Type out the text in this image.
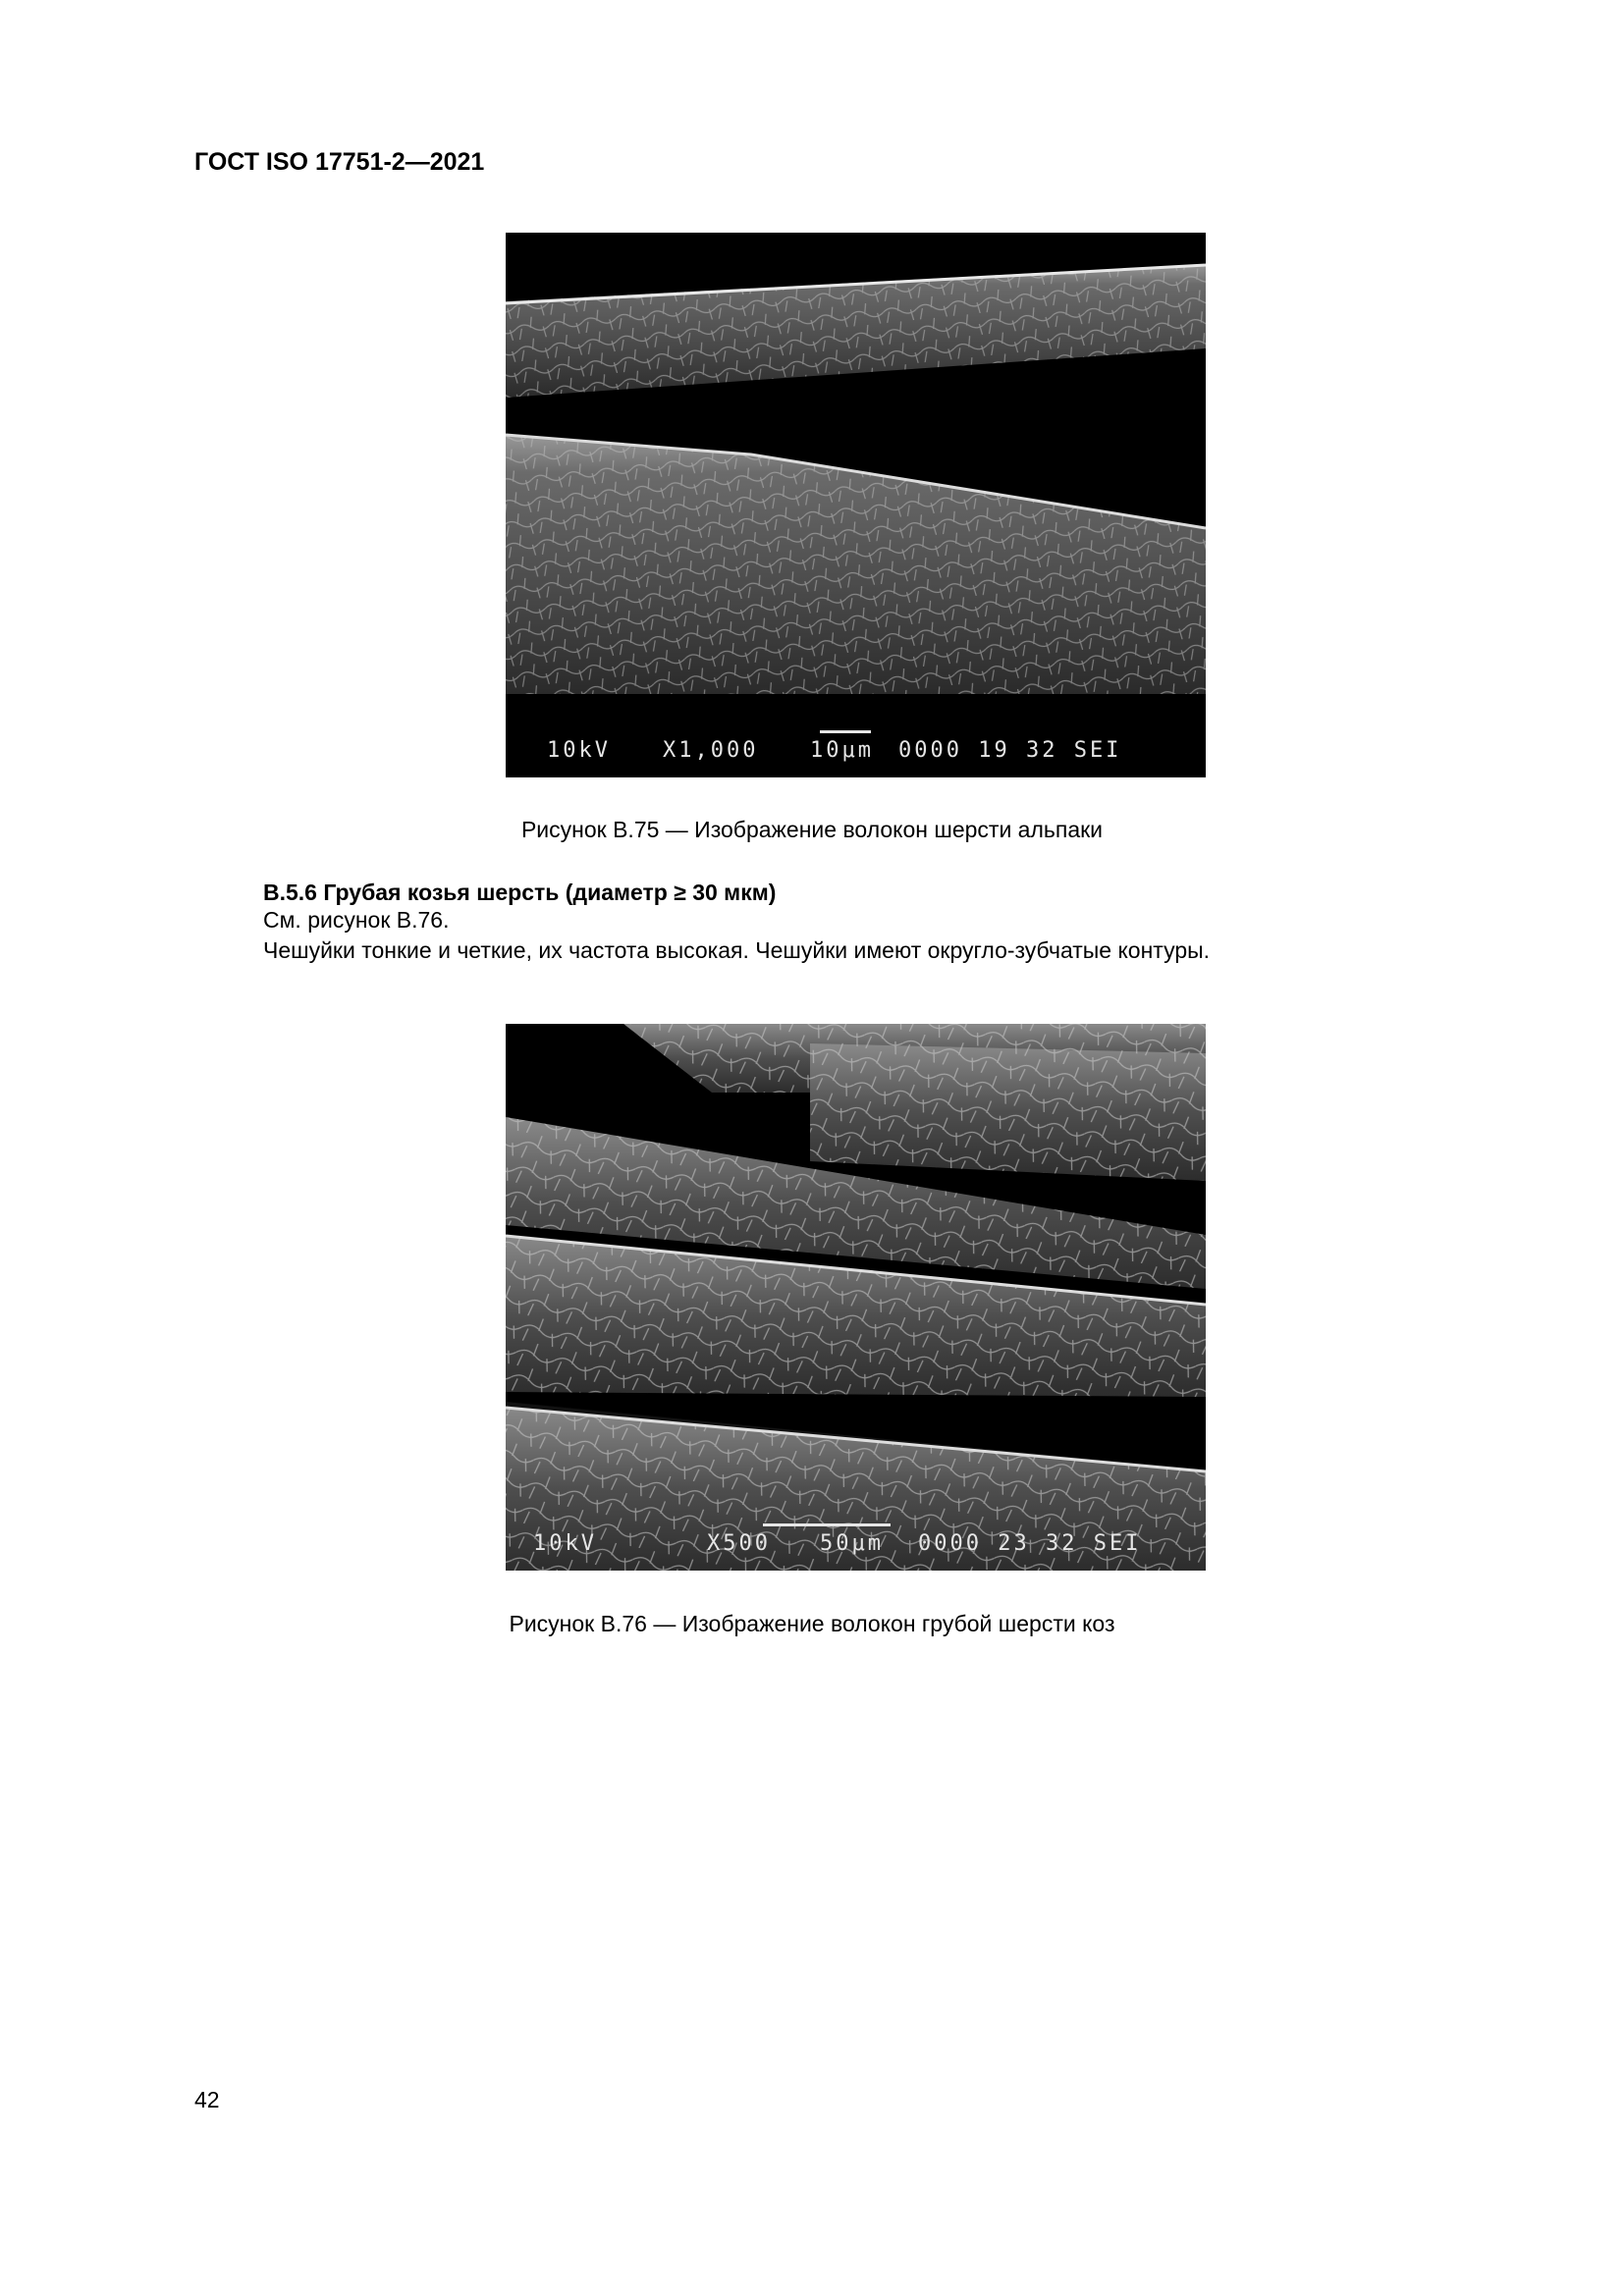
ГОСТ ISO 17751-2—2021
10kV X1,000 10μm 0000 19 32 SEI
Рисунок В.75 — Изображение волокон шерсти альпаки
В.5.6 Грубая козья шерсть (диаметр ≥ 30 мкм)
См. рисунок В.76.
Чешуйки тонкие и четкие, их частота высокая. Чешуйки имеют округло-зубчатые контуры.
10kV	X500 50μm 0000 23 32 SEI
Рисунок В.76 — Изображение волокон грубой шерсти коз
42
